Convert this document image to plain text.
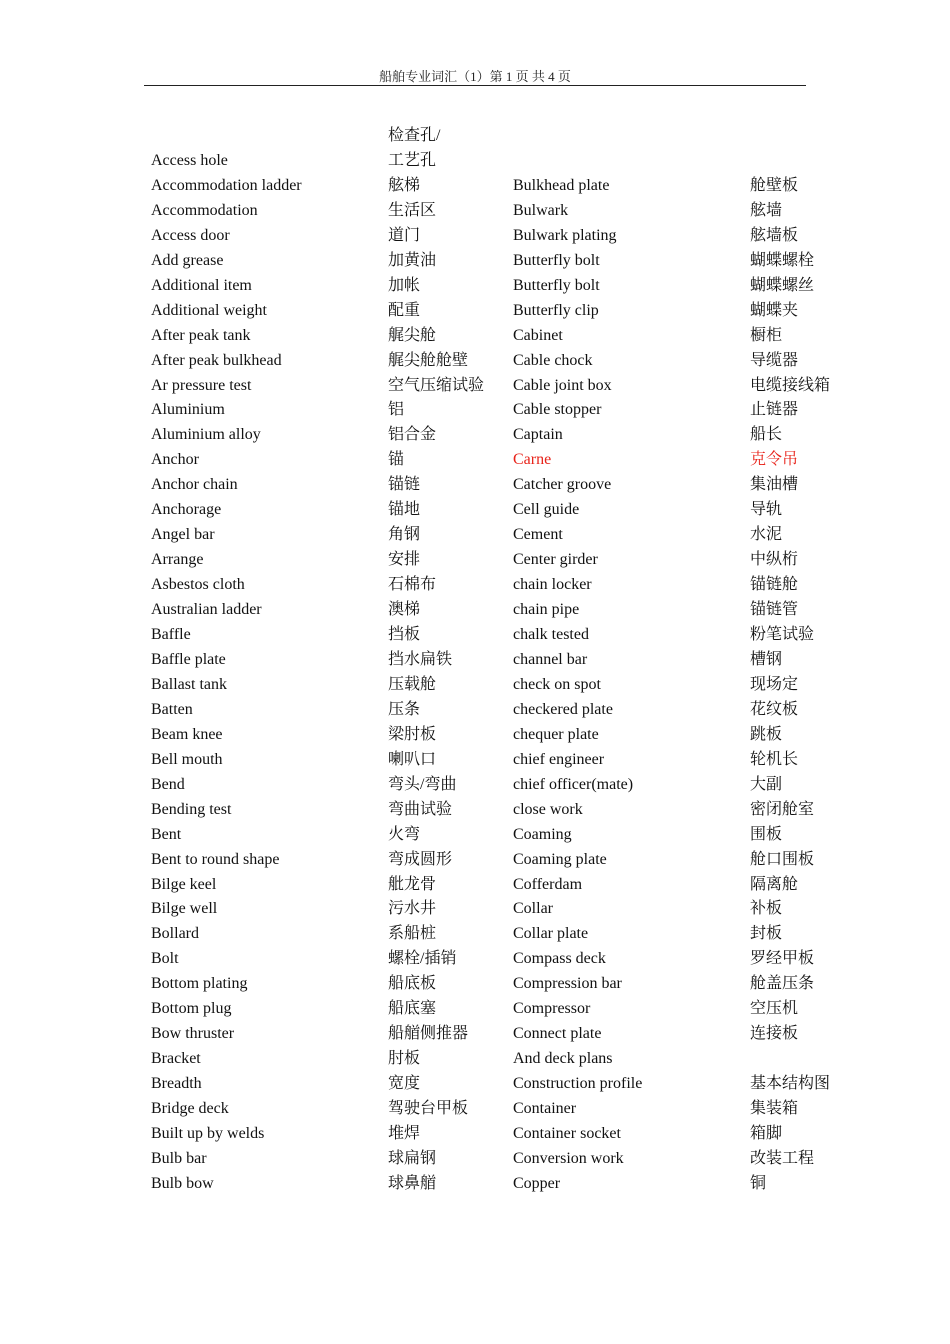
船舶专业词汇（1）第 1 页 共 4 页
检查孔/
Access hole	工艺孔
Accommodation ladder	舷梯	Bulkhead plate	舱壁板
Accommodation	生活区	Bulwark	舷墙
Access door	道门	Bulwark plating	舷墙板
Add grease	加黄油	Butterfly bolt	蝴蝶螺栓
Additional item	加帐	Butterfly bolt	蝴蝶螺丝
Additional weight	配重	Butterfly clip	蝴蝶夹
After peak tank	艉尖舱	Cabinet	橱柜
After peak bulkhead	艉尖舱舱壁	Cable chock	导缆器
Ar pressure test	空气压缩试验 Cable joint box	电缆接线箱
Aluminium	铝	Cable stopper	止链器
Aluminium alloy	铝合金	Captain	船长
Anchor	锚	Carne	克令吊
Anchor chain	锚链	Catcher groove	集油槽
Anchorage	锚地	Cell guide	导轨
Angel bar	角钢	Cement	水泥
Arrange	安排	Center girder	中纵桁
Asbestos cloth	石棉布	chain locker	锚链舱
Australian ladder	澳梯	chain pipe	锚链管
Baffle	挡板	chalk tested	粉笔试验
Baffle plate	挡水扁铁	channel bar	槽钢
Ballast tank	压载舱	check on spot	现场定
Batten	压条	checkered plate	花纹板
Beam knee	梁肘板	chequer plate	跳板
Bell mouth	喇叭口	chief engineer	轮机长
Bend	弯头/弯曲	chief officer(mate)	大副
Bending test	弯曲试验	close work	密闭舱室
Bent	火弯	Coaming	围板
Bent to round shape	弯成圆形	Coaming plate	舱口围板
Bilge keel	舭龙骨	Cofferdam	隔离舱
Bilge well	污水井	Collar	补板
Bollard	系船桩	Collar plate	封板
Bolt	螺栓/插销	Compass deck	罗经甲板
Bottom plating	船底板	Compression bar	舱盖压条
Bottom plug	船底塞	Compressor	空压机
Bow thruster	船艏侧推器	Connect plate	连接板
Bracket	肘板	And deck plans
Breadth	宽度	Construction profile	基本结构图
Bridge deck	驾驶台甲板	Container	集装箱
Built up by welds	堆焊	Container socket	箱脚
Bulb bar	球扁钢	Conversion work	改装工程
Bulb bow	球鼻艏	Copper	铜
